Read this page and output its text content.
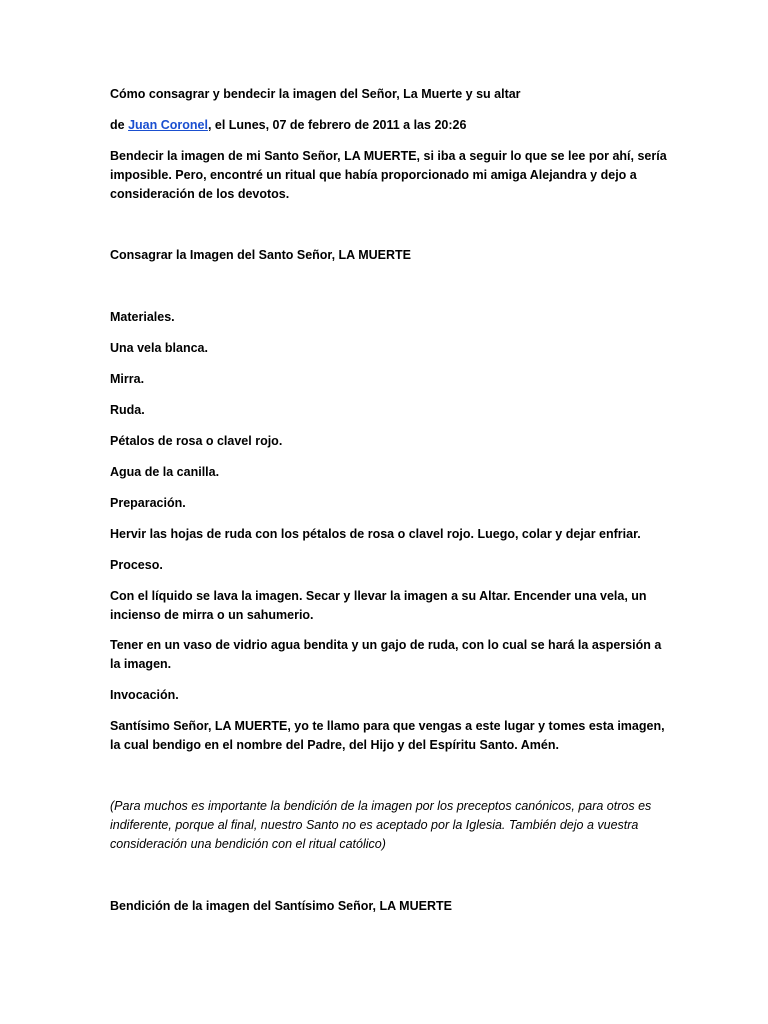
Cómo consagrar y bendecir la imagen del Señor, La Muerte y su altar

de Juan Coronel, el Lunes, 07 de febrero de 2011 a las 20:26

Bendecir la imagen de mi Santo Señor, LA MUERTE, si iba a seguir lo que se lee por ahí, sería imposible. Pero, encontré un ritual que había proporcionado mi amiga Alejandra y dejo a consideración de los devotos.

Consagrar la Imagen del Santo Señor, LA MUERTE

Materiales.

Una vela blanca.

Mirra.

Ruda.

Pétalos de rosa o clavel rojo.

Agua de la canilla.

Preparación.

Hervir las hojas de ruda con los pétalos de rosa o clavel rojo. Luego, colar y dejar enfriar.

Proceso.

Con el líquido se lava la imagen. Secar y llevar la imagen a su Altar. Encender una vela, un incienso de mirra o un sahumerio.

Tener en un vaso de vidrio agua bendita y un gajo de ruda, con lo cual se hará la aspersión a la imagen.

Invocación.

Santísimo Señor, LA MUERTE, yo te llamo para que vengas a este lugar y tomes esta imagen, la cual bendigo en el nombre del Padre, del Hijo y del Espíritu Santo. Amén.

(Para muchos es importante la bendición de la imagen por los preceptos canónicos, para otros es indiferente, porque al final, nuestro Santo no es aceptado por la Iglesia. También dejo a vuestra consideración una bendición con el ritual católico)

Bendición de la imagen del Santísimo Señor, LA MUERTE
